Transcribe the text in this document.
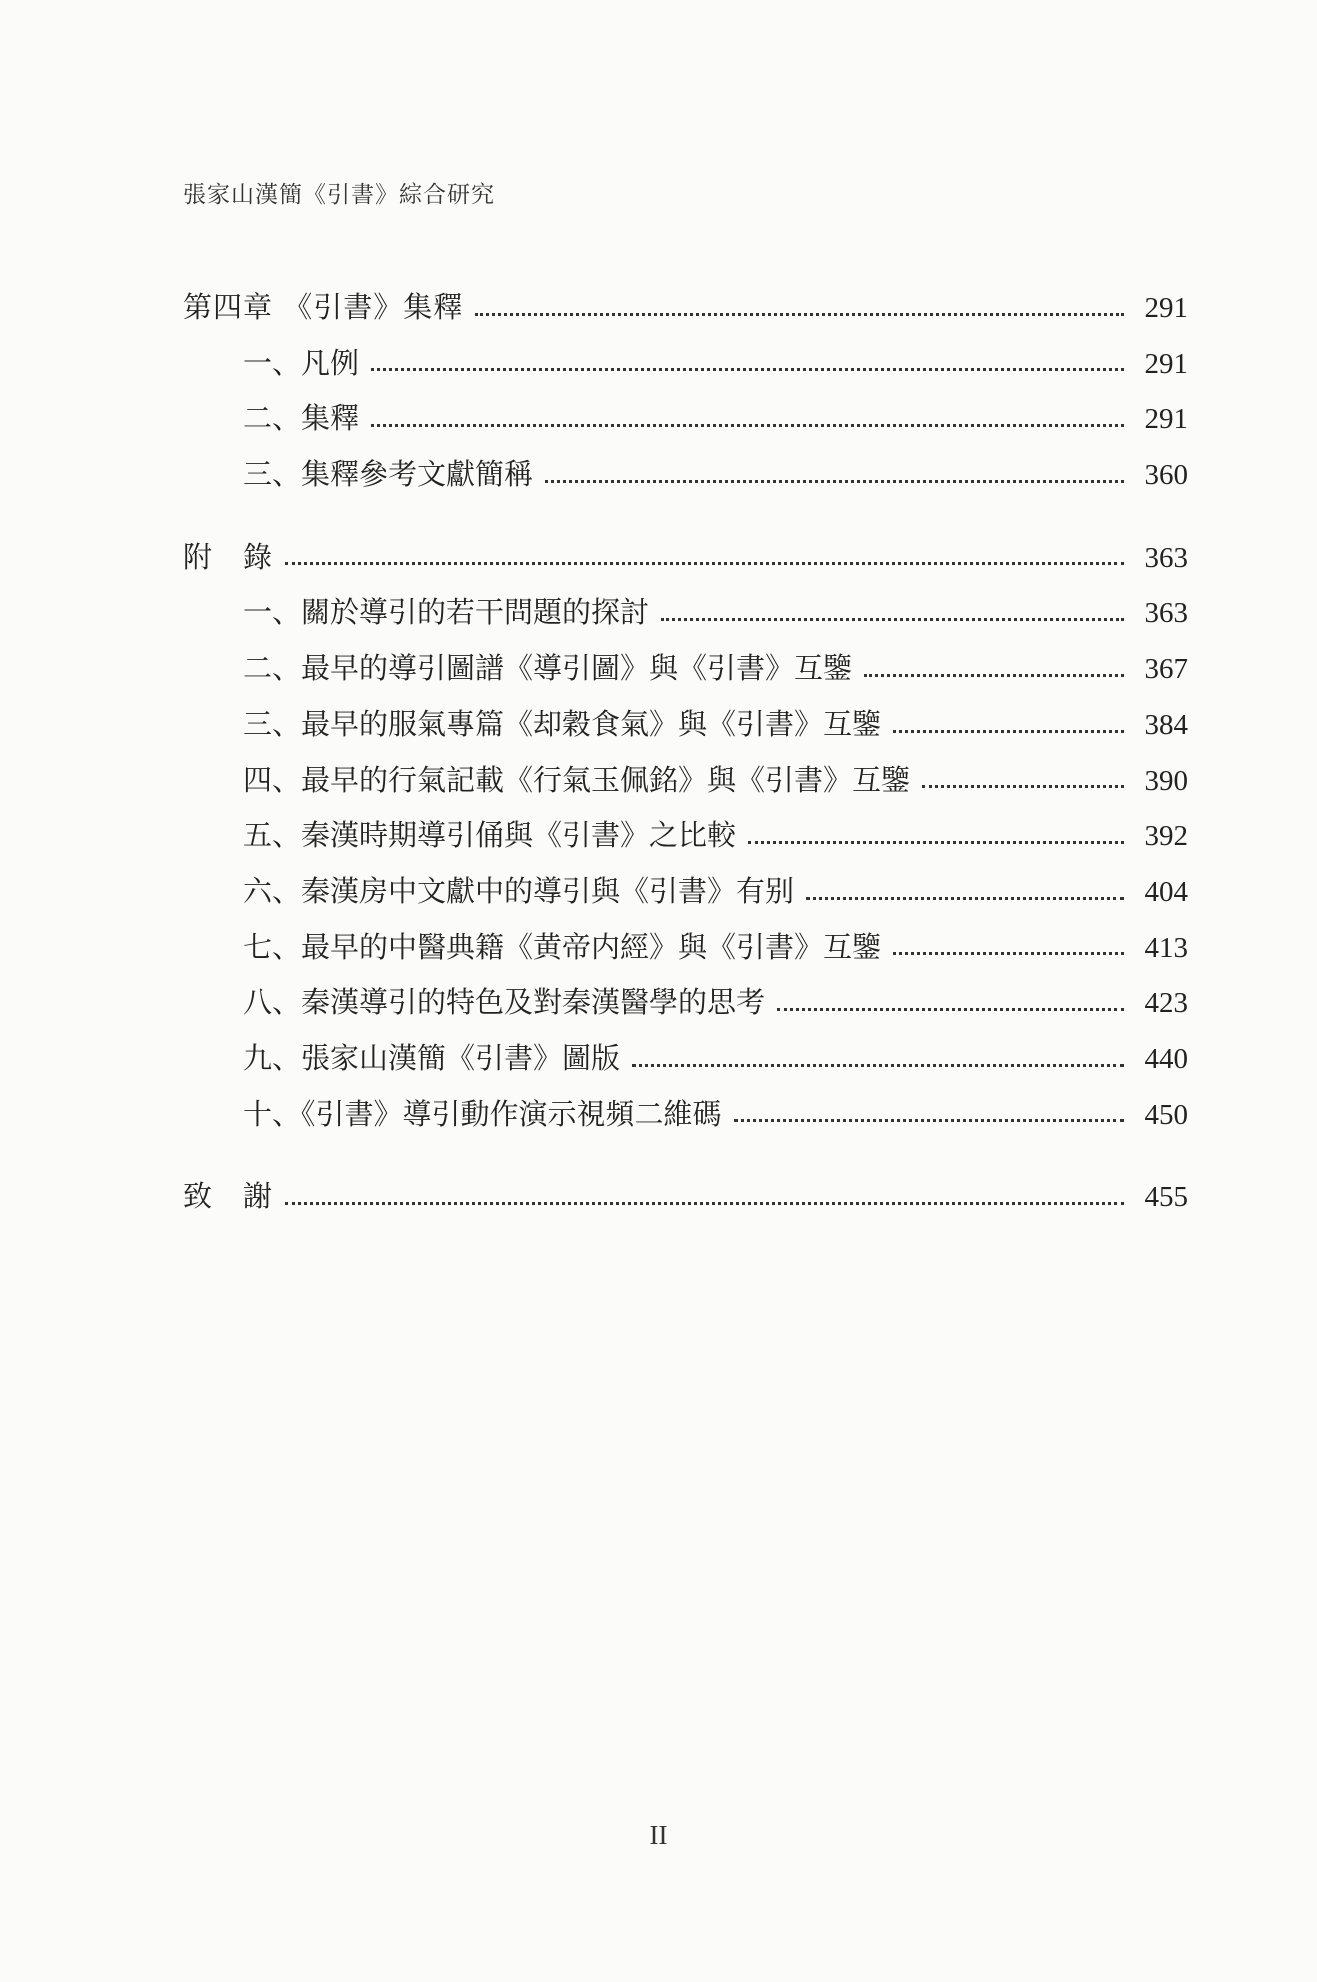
張家山漢簡《引書》綜合研究
第四章 《引書》集釋	291
一、凡例	291
二、集釋	291
三、集釋參考文獻簡稱	360
附　錄	363
一、關於導引的若干問題的探討	363
二、最早的導引圖譜《導引圖》與《引書》互鑒	367
三、最早的服氣專篇《却穀食氣》與《引書》互鑒	384
四、最早的行氣記載《行氣玉佩銘》與《引書》互鑒	390
五、秦漢時期導引俑與《引書》之比較	392
六、秦漢房中文獻中的導引與《引書》有别	404
七、最早的中醫典籍《黄帝内經》與《引書》互鑒	413
八、秦漢導引的特色及對秦漢醫學的思考	423
九、張家山漢簡《引書》圖版	440
十、《引書》導引動作演示視頻二維碼	450
致　謝	455
II
